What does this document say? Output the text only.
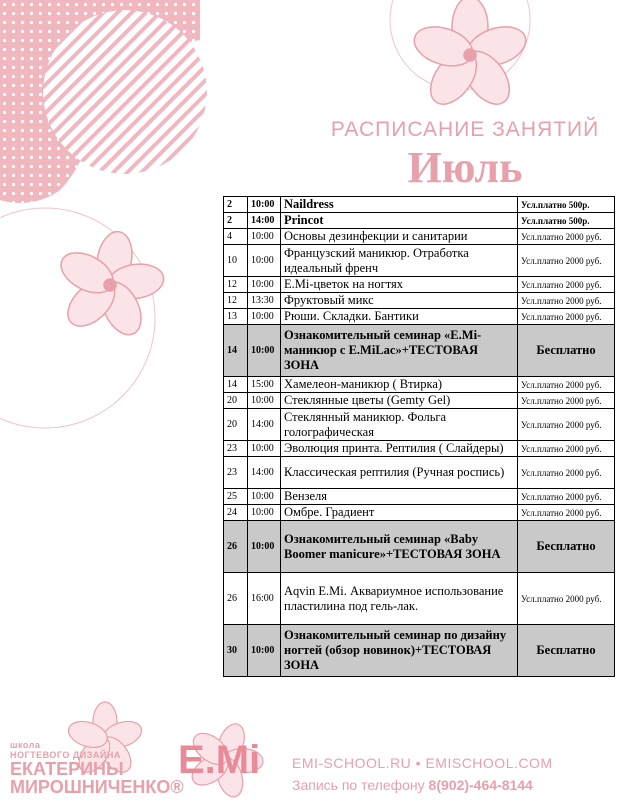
РАСПИСАНИЕ ЗАНЯТИЙ
Июль
2	10:00	Naildress	Усл.платно 500р.
2	14:00	Princot	Усл.платно 500р.
4	10:00	Основы дезинфекции и санитарии	Усл.платно 2000 руб.
10	10:00	Французский маникюр. Отработка идеальный френч	Усл.платно 2000 руб.
12	10:00	E.Mi-цветок на ногтях	Усл.платно 2000 руб.
12	13:30	Фруктовый микс	Усл.платно 2000 руб.
13	10:00	Рюши. Складки. Бантики	Усл.платно 2000 руб.
14	10:00	Ознакомительный семинар «E.Mi-маникюр с E.MiLac»+ТЕСТОВАЯ ЗОНА	Бесплатно
14	15:00	Хамелеон-маникюр ( Втирка)	Усл.платно 2000 руб.
20	10:00	Стеклянные цветы (Gemty Gel)	Усл.платно 2000 руб.
20	14:00	Стеклянный маникюр. Фольга голографическая	Усл.платно 2000 руб.
23	10:00	Эволюция принта. Рептилия ( Слайдеры)	Усл.платно 2000 руб.
23	14:00	Классическая рептилия (Ручная роспись)	Усл.платно 2000 руб.
25	10:00	Вензеля	Усл.платно 2000 руб.
24	10:00	Омбре. Градиент	Усл.платно 2000 руб.
26	10:00	Ознакомительный семинар «Baby Boomer manicure»+ТЕСТОВАЯ ЗОНА	Бесплатно
26	16:00	Aqvin E.Mi. Аквариумное использование пластилина под гель-лак.	Усл.платно 2000 руб.
30	10:00	Ознакомительный семинар по дизайну ногтей (обзор новинок)+ТЕСТОВАЯ ЗОНА	Бесплатно
школа
НОГТЕВОГО ДИЗАЙНА
ЕКАТЕРИНЫ
МИРОШНИЧЕНКО®
E.Mi EMI-SCHOOL.RU • EMISCHOOL.COM
Запись по телефону 8(902)-464-8144
